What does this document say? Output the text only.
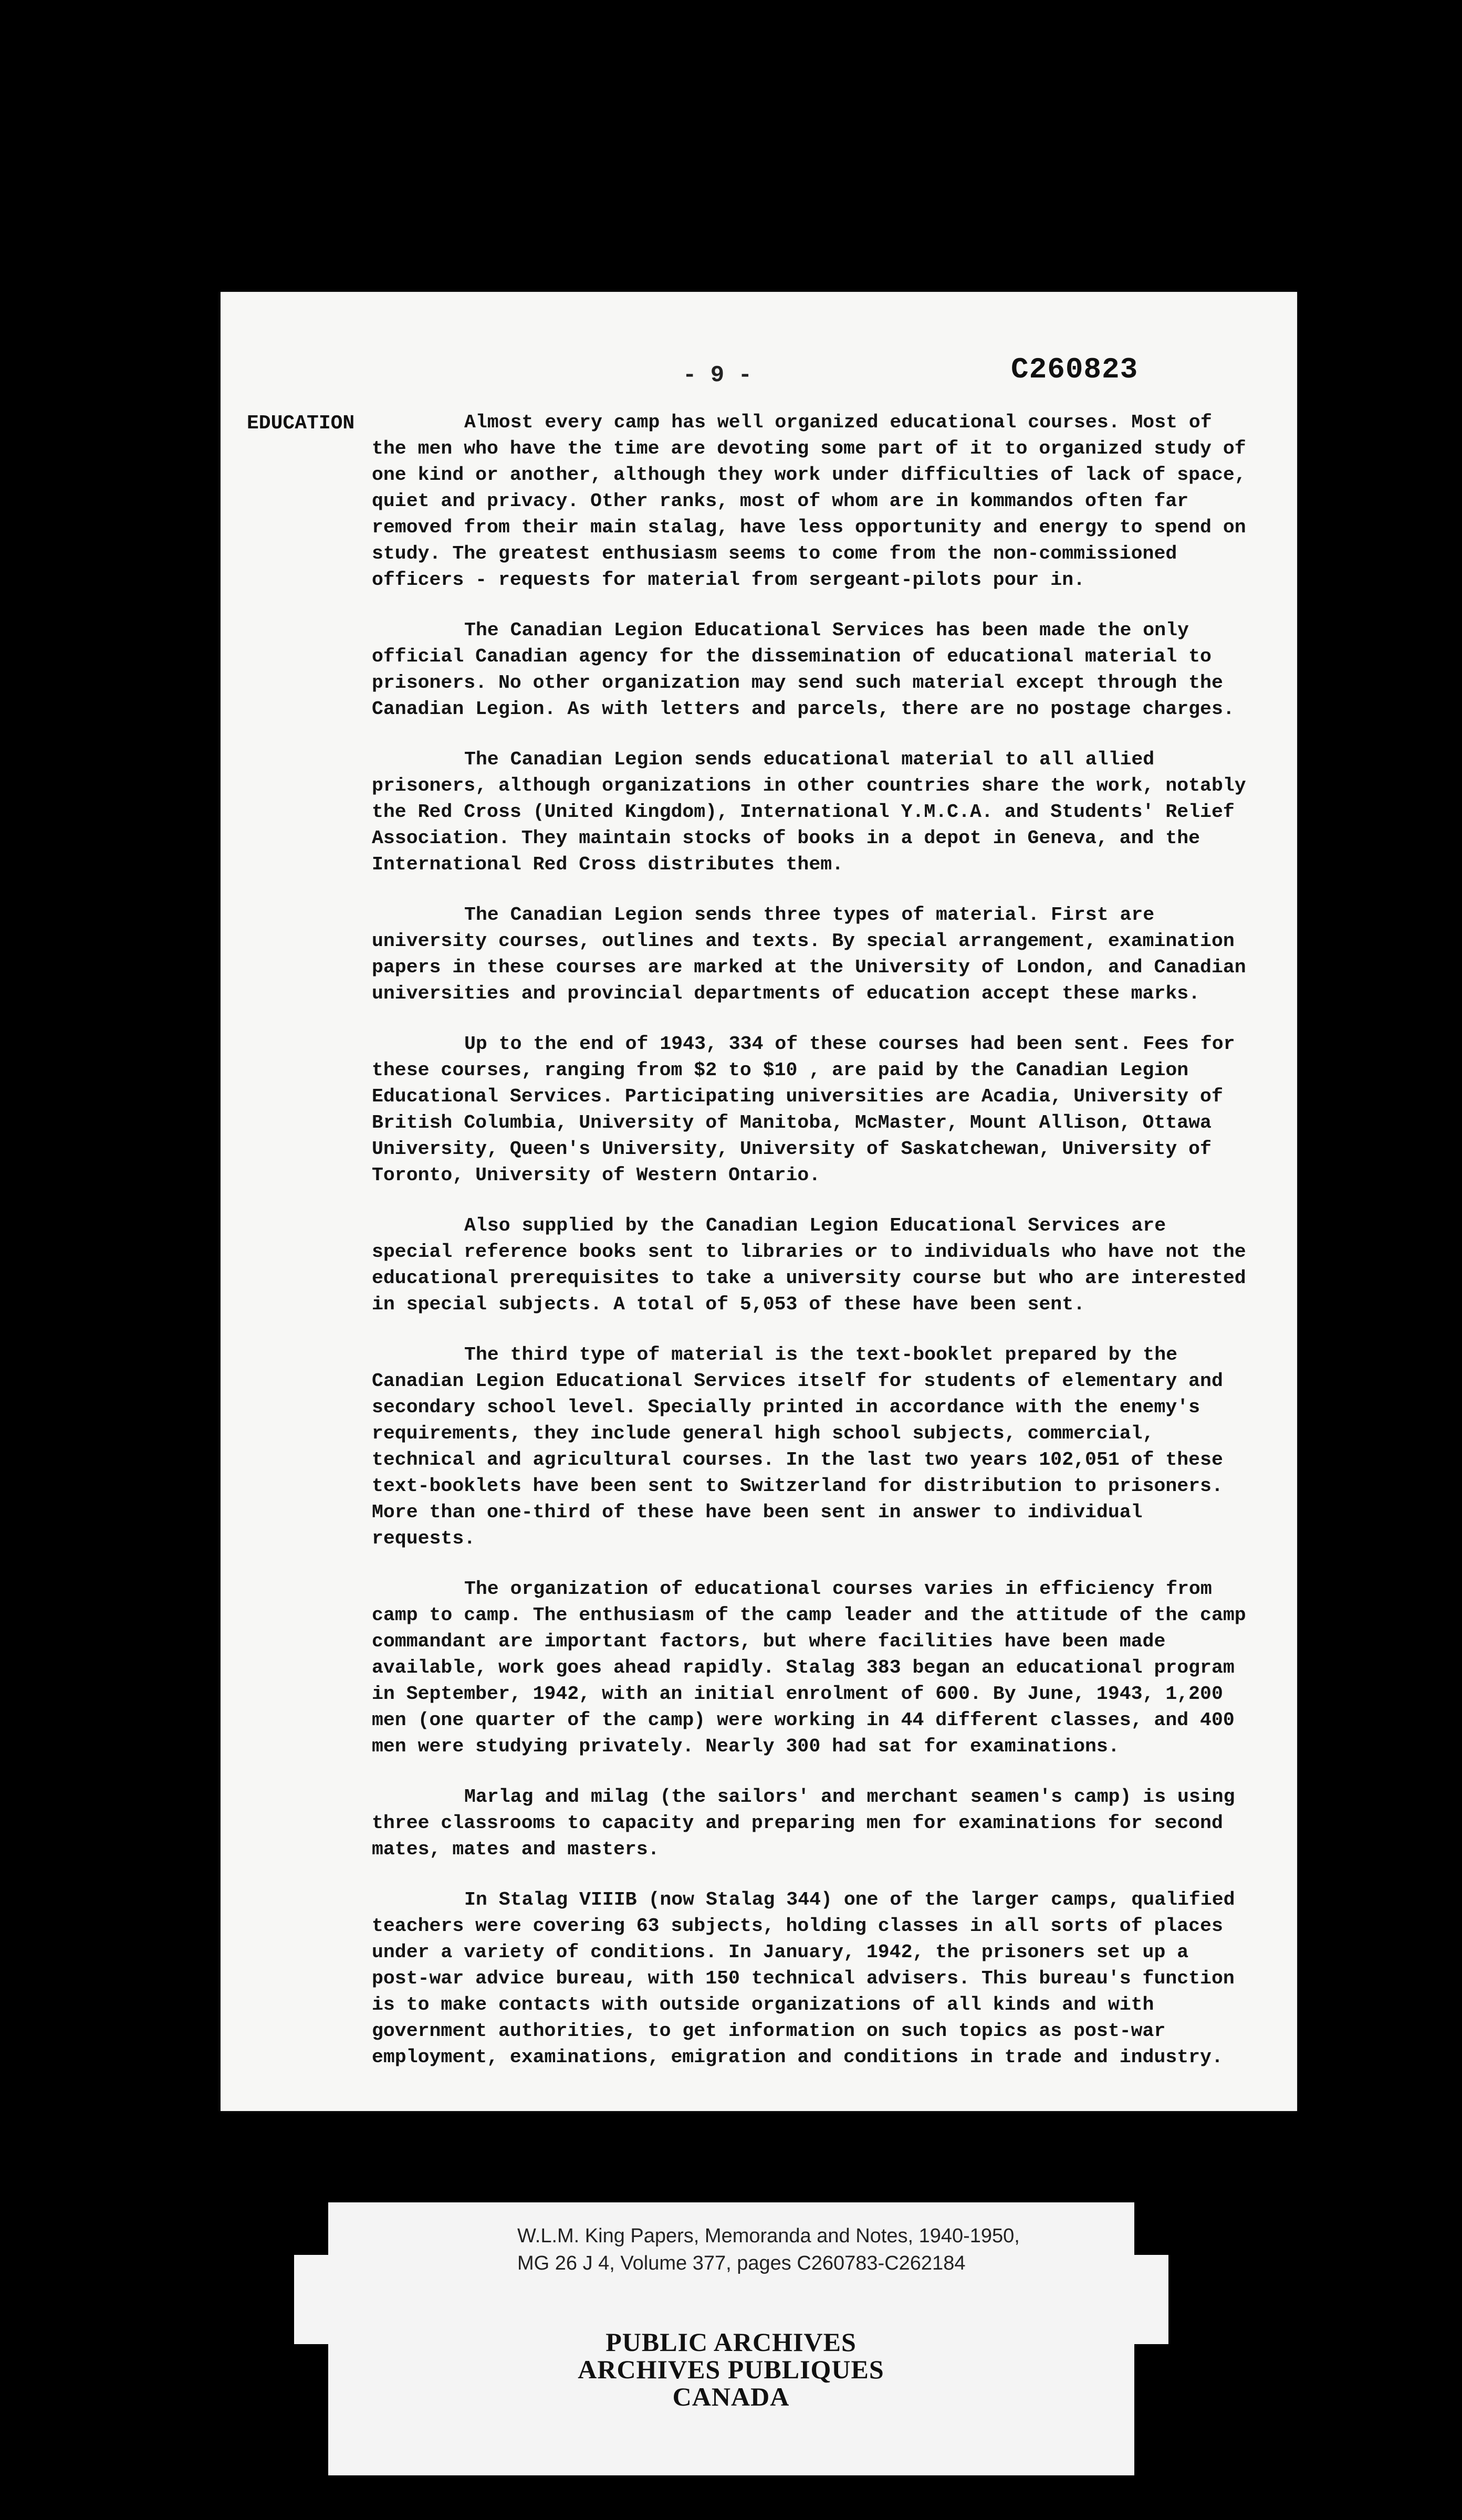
- 9 -	C260823
EDUCATION	Almost every camp has well organized educational courses. Most of the men who have the time are devoting some part of it to organized study of one kind or another, although they work under difficulties of lack of space, quiet and privacy. Other ranks, most of whom are in kommandos often far removed from their main stalag, have less opportunity and energy to spend on study. The greatest enthusiasm seems to come from the non-commissioned officers - requests for material from sergeant-pilots pour in.

The Canadian Legion Educational Services has been made the only official Canadian agency for the dissemination of educational material to prisoners. No other organization may send such material except through the Canadian Legion. As with letters and parcels, there are no postage charges.

The Canadian Legion sends educational material to all allied prisoners, although organizations in other countries share the work, notably the Red Cross (United Kingdom), International Y.M.C.A. and Students' Relief Association. They maintain stocks of books in a depot in Geneva, and the International Red Cross distributes them.

The Canadian Legion sends three types of material. First are university courses, outlines and texts. By special arrangement, examination papers in these courses are marked at the University of London, and Canadian universities and provincial departments of education accept these marks.

Up to the end of 1943, 334 of these courses had been sent. Fees for these courses, ranging from $2 to $10 , are paid by the Canadian Legion Educational Services. Participating universities are Acadia, University of British Columbia, University of Manitoba, McMaster, Mount Allison, Ottawa University, Queen's University, University of Saskatchewan, University of Toronto, University of Western Ontario.

Also supplied by the Canadian Legion Educational Services are special reference books sent to libraries or to individuals who have not the educational prerequisites to take a university course but who are interested in special subjects. A total of 5,053 of these have been sent.

The third type of material is the text-booklet prepared by the Canadian Legion Educational Services itself for students of elementary and secondary school level. Specially printed in accordance with the enemy's requirements, they include general high school subjects, commercial, technical and agricultural courses. In the last two years 102,051 of these text-booklets have been sent to Switzerland for distribution to prisoners. More than one-third of these have been sent in answer to individual requests.

The organization of educational courses varies in efficiency from camp to camp. The enthusiasm of the camp leader and the attitude of the camp commandant are important factors, but where facilities have been made available, work goes ahead rapidly. Stalag 383 began an educational program in September, 1942, with an initial enrolment of 600. By June, 1943, 1,200 men (one quarter of the camp) were working in 44 different classes, and 400 men were studying privately. Nearly 300 had sat for examinations.

Marlag and milag (the sailors' and merchant seamen's camp) is using three classrooms to capacity and preparing men for examinations for second mates, mates and masters.

In Stalag VIIIB (now Stalag 344) one of the larger camps, qualified teachers were covering 63 subjects, holding classes in all sorts of places under a variety of conditions. In January, 1942, the prisoners set up a post-war advice bureau, with 150 technical advisers. This bureau's function is to make contacts with outside organizations of all kinds and with government authorities, to get information on such topics as post-war employment, examinations, emigration and conditions in trade and industry.

W.L.M. King Papers, Memoranda and Notes, 1940-1950,
MG 26 J 4, Volume 377, pages C260783-C262184
PUBLIC ARCHIVES
ARCHIVES PUBLIQUES
CANADA
